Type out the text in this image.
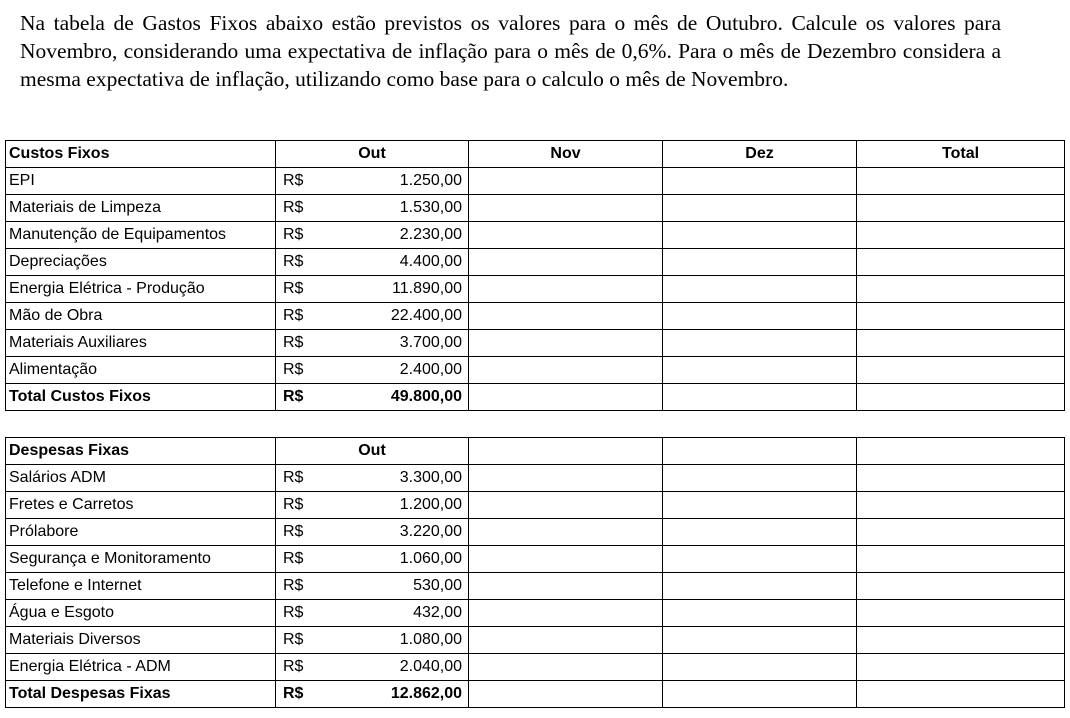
Na tabela de Gastos Fixos abaixo estão previstos os valores para o mês de Outubro. Calcule os valores para Novembro, considerando uma expectativa de inflação para o mês de 0,6%. Para o mês de Dezembro considera a mesma expectativa de inflação, utilizando como base para o calculo o mês de Novembro.

Custos Fixos	Out		Nov	Dez	Total
EPI	R$	1.250,00			
Materiais de Limpeza	R$	1.530,00			
Manutenção de Equipamentos	R$	2.230,00			
Depreciações	R$	4.400,00			
Energia Elétrica - Produção	R$	11.890,00			
Mão de Obra	R$	22.400,00			
Materiais Auxiliares	R$	3.700,00			
Alimentação	R$	2.400,00			
Total Custos Fixos	R$	49.800,00			
Despesas Fixas	Out				
Salários ADM	R$	3.300,00			
Fretes e Carretos	R$	1.200,00			
Prólabore	R$	3.220,00			
Segurança e Monitoramento	R$	1.060,00			
Telefone e Internet	R$	530,00			
Água e Esgoto	R$	432,00			
Materiais Diversos	R$	1.080,00			
Energia Elétrica - ADM	R$	2.040,00			
Total Despesas Fixas	R$	12.862,00			
